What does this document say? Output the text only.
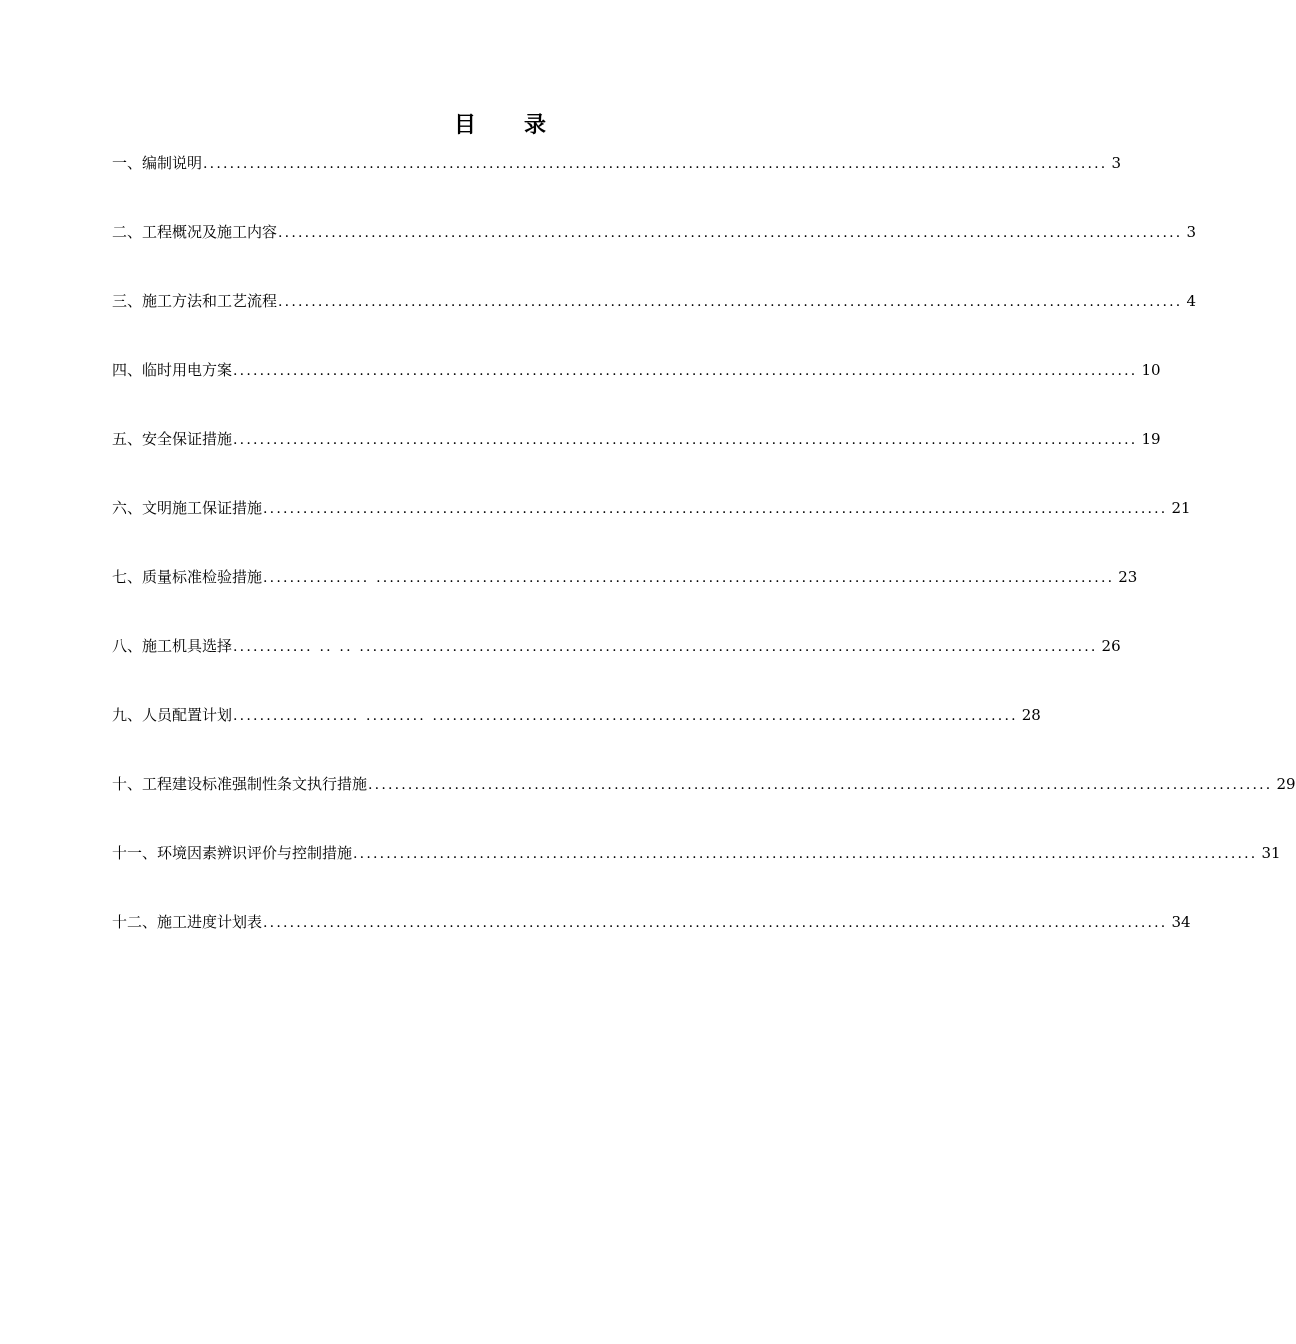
目 录
一、编制说明 ........................................................................................................................................ 3
二、工程概况及施工内容 ........................................................................................................................................ 3
三、施工方法和工艺流程 ........................................................................................................................................ 4
四、临时用电方案 ........................................................................................................................................ 10
五、安全保证措施 ........................................................................................................................................ 19
六、文明施工保证措施 ........................................................................................................................................ 21
七、质量标准检验措施 ................ ............................................................................................................... 23
八、施工机具选择 ............ .. .. ............................................................................................................... 26
九、人员配置计划 ................... ......... ........................................................................................ 28
十、工程建设标准强制性条文执行措施 ........................................................................................................................................ 29
十一、环境因素辨识评价与控制措施 ........................................................................................................................................ 31
十二、施工进度计划表 ........................................................................................................................................ 34
